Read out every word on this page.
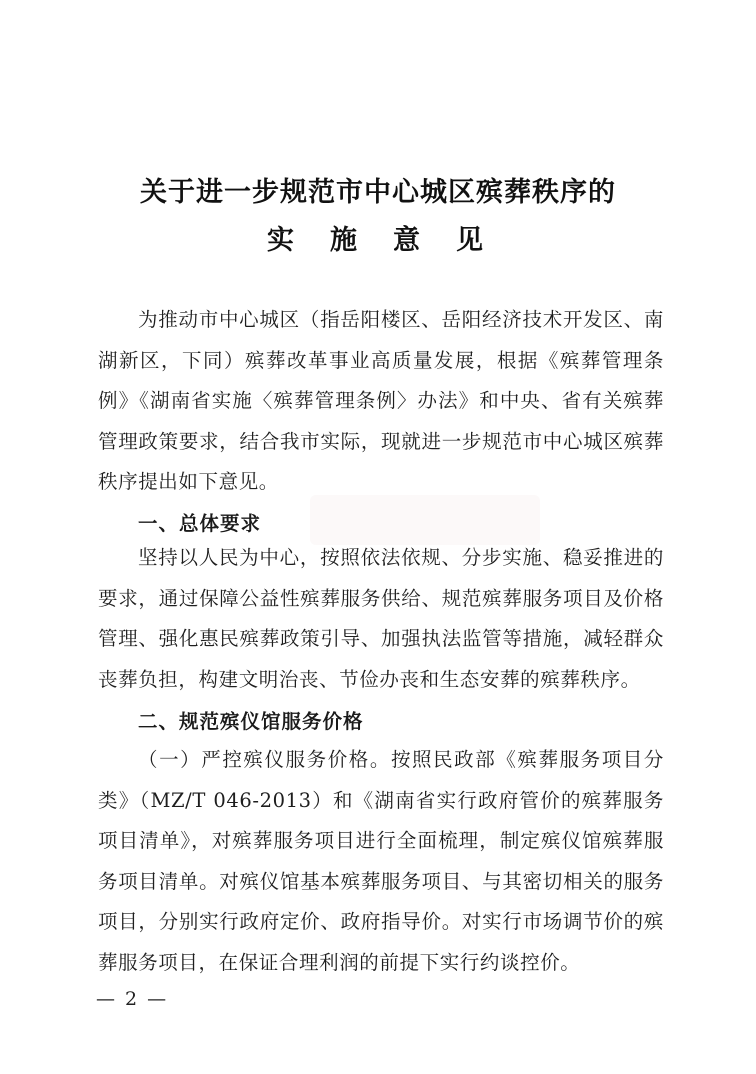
关于进一步规范市中心城区殡葬秩序的
实施意见

为推动市中心城区（指岳阳楼区、岳阳经济技术开发区、南湖新区，下同）殡葬改革事业高质量发展，根据《殡葬管理条例》《湖南省实施〈殡葬管理条例〉办法》和中央、省有关殡葬管理政策要求，结合我市实际，现就进一步规范市中心城区殡葬秩序提出如下意见。

一、总体要求

坚持以人民为中心，按照依法依规、分步实施、稳妥推进的要求，通过保障公益性殡葬服务供给、规范殡葬服务项目及价格管理、强化惠民殡葬政策引导、加强执法监管等措施，减轻群众丧葬负担，构建文明治丧、节俭办丧和生态安葬的殡葬秩序。

二、规范殡仪馆服务价格

（一）严控殡仪服务价格。按照民政部《殡葬服务项目分类》（MZ/T 046-2013）和《湖南省实行政府管价的殡葬服务项目清单》，对殡葬服务项目进行全面梳理，制定殡仪馆殡葬服务项目清单。对殡仪馆基本殡葬服务项目、与其密切相关的服务项目，分别实行政府定价、政府指导价。对实行市场调节价的殡葬服务项目，在保证合理利润的前提下实行约谈控价。

— 2 —
